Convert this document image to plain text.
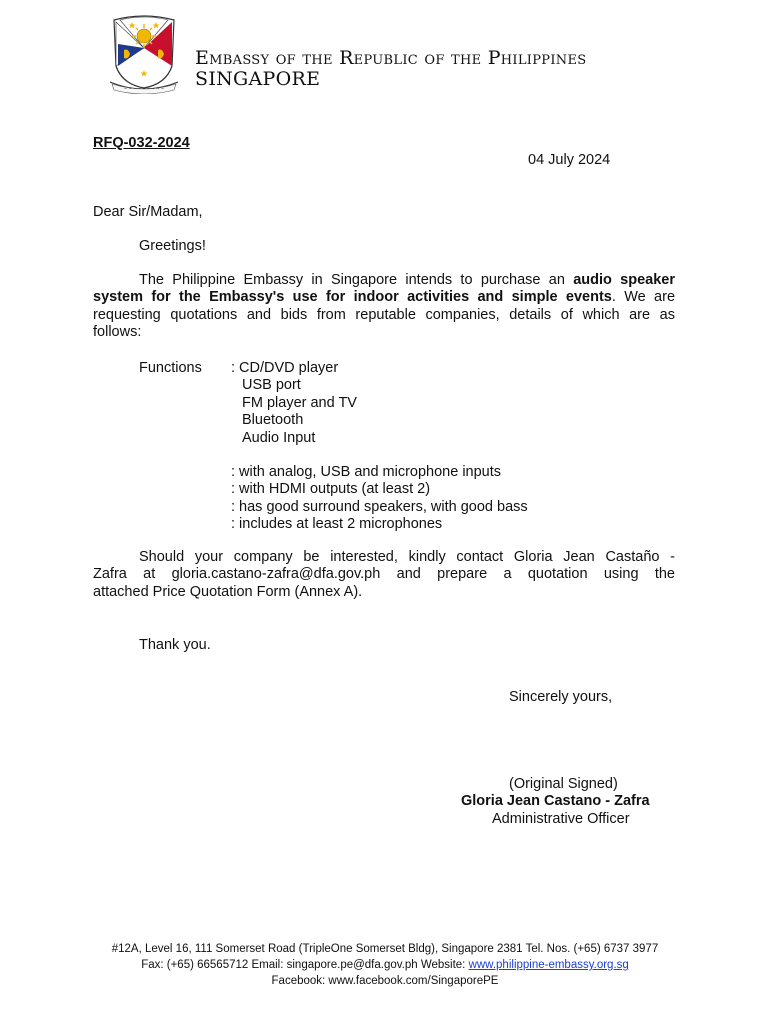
~ ~ ~ ~ ~ ~ ~ ~ ~
Embassy of the Republic of the Philippines
SINGAPORE
RFQ-032-2024
04 July 2024
Dear Sir/Madam,
Greetings!
The Philippine Embassy in Singapore intends to purchase an audio speaker
system for the Embassy's use for indoor activities and simple events. We are
requesting quotations and bids from reputable companies, details of which are as
follows:
Functions : CD/DVD player
USB port
FM player and TV
Bluetooth
Audio Input
: with analog, USB and microphone inputs
: with HDMI outputs (at least 2)
: has good surround speakers, with good bass
: includes at least 2 microphones
Should your company be interested, kindly contact Gloria Jean Castaño -
Zafra at gloria.castano-zafra@dfa.gov.ph and prepare a quotation using the
attached Price Quotation Form (Annex A).
Thank you.
Sincerely yours,
(Original Signed)
Gloria Jean Castano - Zafra
Administrative Officer
#12A, Level 16, 111 Somerset Road (TripleOne Somerset Bldg), Singapore 2381 Tel. Nos. (+65) 6737 3977
Fax: (+65) 66565712 Email: singapore.pe@dfa.gov.ph Website: www.philippine-embassy.org.sg
Facebook: www.facebook.com/SingaporePE
